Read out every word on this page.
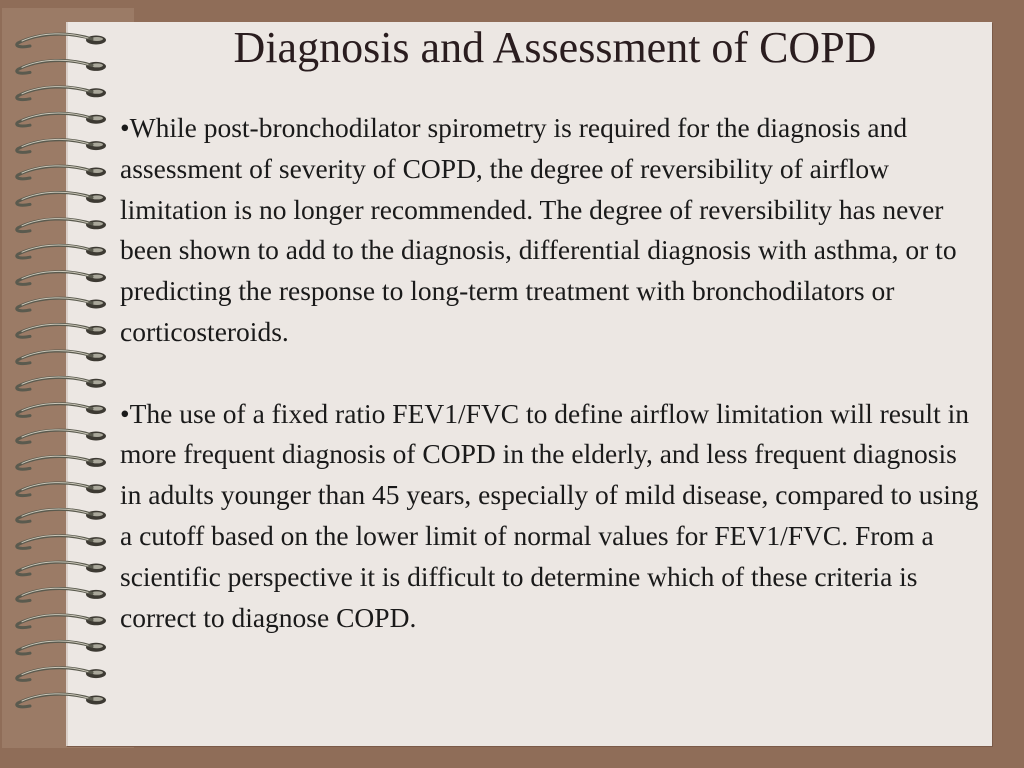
Diagnosis and Assessment of COPD

•While post-bronchodilator spirometry is required for the diagnosis and assessment of severity of COPD, the degree of reversibility of airflow limitation is no longer recommended. The degree of reversibility has never been shown to add to the diagnosis, differential diagnosis with asthma, or to predicting the response to long-term treatment with bronchodilators or corticosteroids.

•The use of a fixed ratio FEV1/FVC to define airflow limitation will result in more frequent diagnosis of COPD in the elderly, and less frequent diagnosis in adults younger than 45 years, especially of mild disease, compared to using a cutoff based on the lower limit of normal values for FEV1/FVC. From a scientific perspective it is difficult to determine which of these criteria is correct to diagnose COPD.
